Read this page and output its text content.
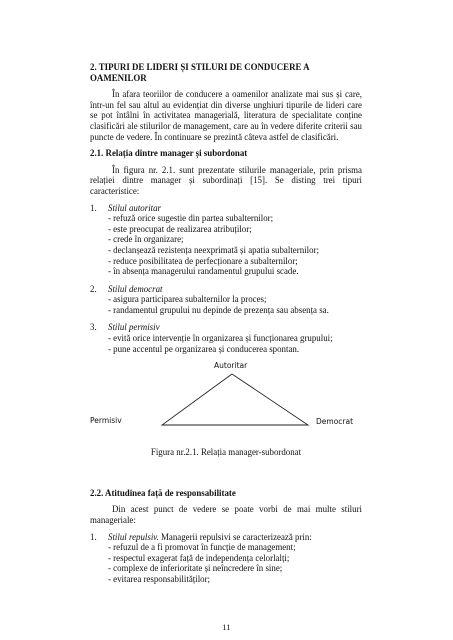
2. TIPURI DE LIDERI ȘI STILURI DE CONDUCERE A OAMENILOR

În afara teoriilor de conducere a oamenilor analizate mai sus și care, într-un fel sau altul au evidențiat din diverse unghiuri tipurile de lideri care se pot întâlni în activitatea managerială, literatura de specialitate conține clasificări ale stilurilor de management, care au în vedere diferite criterii sau puncte de vedere. În continuare se prezintă câteva astfel de clasificări.

2.1. Relația dintre manager și subordonat

În figura nr. 2.1. sunt prezentate stilurile manageriale, prin prisma relației dintre manager și subordinați [15]. Se disting trei tipuri caracteristice:

1.	Stilul autoritar
- refuză orice sugestie din partea subalternilor;
- este preocupat de realizarea atribuților;
- crede în organizare;
- declanșează rezistența neexprimată și apatia subalternilor;
- reduce posibilitatea de perfecționare a subalternilor;
- în absența managerului randamentul grupului scade.
2.	Stilul democrat
- asigura participarea subalternilor la proces;
- randamentul grupului nu depinde de prezența sau absența sa.
3.	Stilul permisiv
- evită orice intervenție în organizarea și funcționarea grupului;
- pune accentul pe organizarea și conducerea spontan.
Autoritar
Permisiv	Democrat
Figura nr.2.1. Relația manager-subordonat
2.2. Atitudinea față de responsabilitate

Din acest punct de vedere se poate vorbi de mai multe stiluri manageriale:

1.	Stilul repulsiv. Managerii repulsivi se caracterizează prin:
- refuzul de a fi promovat în funcție de management;
- respectul exagerat față de independența celorlalți;
- complexe de inferioritate și neîncredere în sine;
- evitarea responsabilităților;
11
